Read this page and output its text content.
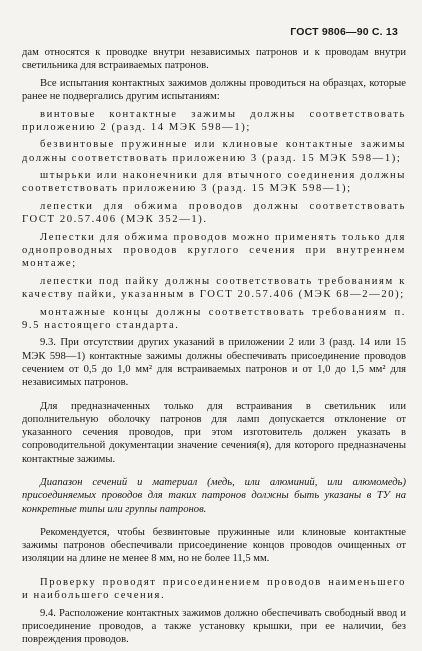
ГОСТ 9806—90 С. 13

дам относятся к проводке внутри независимых патронов и к проводам внутри светильника для встраиваемых патронов.

Все испытания контактных зажимов должны проводиться на образцах, которые ранее не подвергались другим испытаниям:

винтовые контактные зажимы должны соответствовать приложению 2 (разд. 14 МЭК 598—1);

безвинтовые пружинные или клиновые контактные зажимы должны соответствовать приложению 3 (разд. 15 МЭК 598—1);

штырьки или наконечники для втычного соединения должны соответствовать приложению 3 (разд. 15 МЭК 598—1);

лепестки для обжима проводов должны соответствовать ГОСТ 20.57.406 (МЭК 352—1).

Лепестки для обжима проводов можно применять только для однопроводных проводов круглого сечения при внутреннем монтаже;

лепестки под пайку должны соответствовать требованиям к качеству пайки, указанным в ГОСТ 20.57.406 (МЭК 68—2—20);

монтажные концы должны соответствовать требованиям п. 9.5 настоящего стандарта.

9.3. При отсутствии других указаний в приложении 2 или 3 (разд. 14 или 15 МЭК 598—1) контактные зажимы должны обеспечивать присоединение проводов сечением от 0,5 до 1,0 мм² для встраиваемых патронов и от 1,0 до 1,5 мм² для независимых патронов.

Для предназначенных только для встраивания в светильник или дополнительную оболочку патронов для ламп допускается отклонение от указанного сечения проводов, при этом изготовитель должен указать в сопроводительной документации значение сечения(я), для которого предназначены контактные зажимы.

Диапазон сечений и материал (медь, или алюминий, или алюмомедь) присоединяемых проводов для таких патронов должны быть указаны в ТУ на конкретные типы или группы патронов.

Рекомендуется, чтобы безвинтовые пружинные или клиновые контактные зажимы патронов обеспечивали присоединение концов проводов очищенных от изоляции на длине не менее 8 мм, но не более 11,5 мм.

Проверку проводят присоединением проводов наименьшего и наибольшего сечения.

9.4. Расположение контактных зажимов должно обеспечивать свободный ввод и присоединение проводов, а также установку крышки, при ее наличии, без повреждения проводов.
